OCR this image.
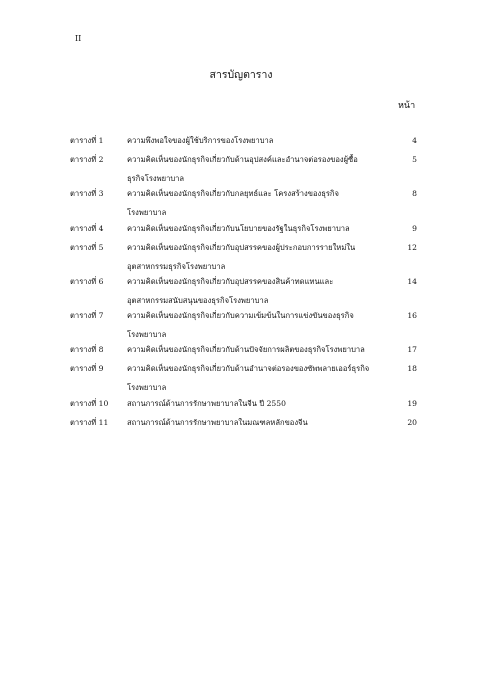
II
สารบัญตาราง
หน้า
ตารางที่ 1	ความพึงพอใจของผู้ใช้บริการของโรงพยาบาล	4
ตารางที่ 2	ความคิดเห็นของนักธุรกิจเกี่ยวกับด้านอุปสงค์และอำนาจต่อรองของผู้ซื้อ
ธุรกิจโรงพยาบาล
5
ตารางที่ 3	ความคิดเห็นของนักธุรกิจเกี่ยวกับกลยุทธ์และ โครงสร้างของธุรกิจ
โรงพยาบาล
8
ตารางที่ 4	ความคิดเห็นของนักธุรกิจเกี่ยวกับนโยบายของรัฐในธุรกิจโรงพยาบาล	9
ตารางที่ 5	ความคิดเห็นของนักธุรกิจเกี่ยวกับอุปสรรคของผู้ประกอบการรายใหม่ใน
อุตสาหกรรมธุรกิจโรงพยาบาล
12
ตารางที่ 6	ความคิดเห็นของนักธุรกิจเกี่ยวกับอุปสรรคของสินค้าทดแทนและ
อุตสาหกรรมสนับสนุนของธุรกิจโรงพยาบาล
14
ตารางที่ 7	ความคิดเห็นของนักธุรกิจเกี่ยวกับความเข้มข้นในการแข่งขันของธุรกิจ
โรงพยาบาล
16
ตารางที่ 8	ความคิดเห็นของนักธุรกิจเกี่ยวกับด้านปัจจัยการผลิตของธุรกิจโรงพยาบาล	17
ตารางที่ 9	ความคิดเห็นของนักธุรกิจเกี่ยวกับด้านอำนาจต่อรองของซัพพลายเออร์ธุรกิจ
โรงพยาบาล
18
ตารางที่ 10 สถานการณ์ด้านการรักษาพยาบาลในจีน ปี 2550	19
ตารางที่ 11 สถานการณ์ด้านการรักษาพยาบาลในมณฑลหลักของจีน	20
